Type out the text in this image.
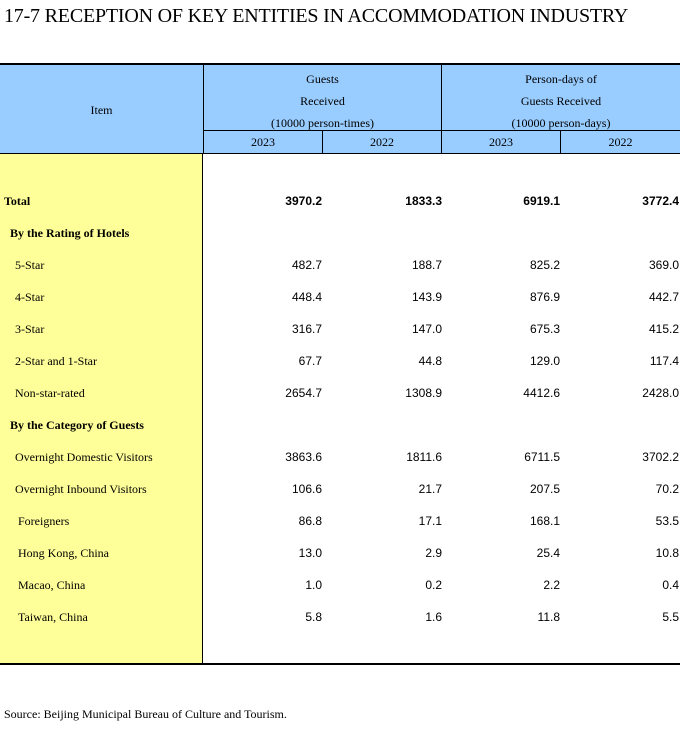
17-7 RECEPTION OF KEY ENTITIES IN ACCOMMODATION INDUSTRY
Item
Guests
Received
(10000 person-times)
Person-days of
Guests Received
(10000 person-days)
2023	2022	2023	2022
Total	3970.2	1833.3	6919.1	3772.4
By the Rating of Hotels
5-Star	482.7	188.7	825.2	369.0
4-Star	448.4	143.9	876.9	442.7
3-Star	316.7	147.0	675.3	415.2
2-Star and 1-Star	67.7	44.8	129.0	117.4
Non-star-rated	2654.7	1308.9	4412.6	2428.0
By the Category of Guests
Overnight Domestic Visitors	3863.6	1811.6	6711.5	3702.2
Overnight Inbound Visitors	106.6	21.7	207.5	70.2
Foreigners	86.8	17.1	168.1	53.5
Hong Kong, China	13.0	2.9	25.4	10.8
Macao, China	1.0	0.2	2.2	0.4
Taiwan, China	5.8	1.6	11.8	5.5
Source: Beijing Municipal Bureau of Culture and Tourism.
